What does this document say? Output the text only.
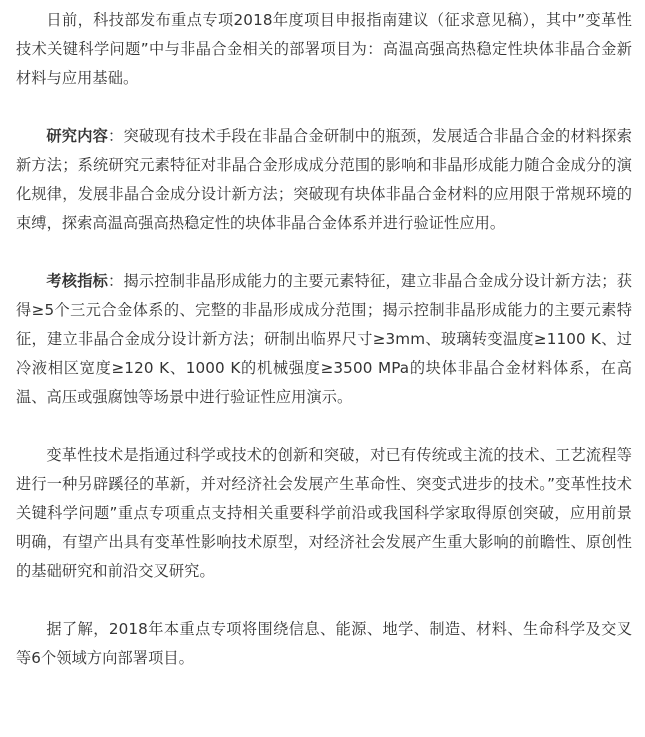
日前，科技部发布重点专项2018年度项目申报指南建议（征求意见稿），其中”变革性技术关键科学问题”中与非晶合金相关的部署项目为：高温高强高热稳定性块体非晶合金新材料与应用基础。

研究内容：突破现有技术手段在非晶合金研制中的瓶颈，发展适合非晶合金的材料探索新方法；系统研究元素特征对非晶合金形成成分范围的影响和非晶形成能力随合金成分的演化规律，发展非晶合金成分设计新方法；突破现有块体非晶合金材料的应用限于常规环境的束缚，探索高温高强高热稳定性的块体非晶合金体系并进行验证性应用。

考核指标：揭示控制非晶形成能力的主要元素特征，建立非晶合金成分设计新方法；获得≥5个三元合金体系的、完整的非晶形成成分范围；揭示控制非晶形成能力的主要元素特征，建立非晶合金成分设计新方法；研制出临界尺寸≥3mm、玻璃转变温度≥1100 K、过冷液相区宽度≥120 K、1000 K的机械强度≥3500 MPa的块体非晶合金材料体系，在高温、高压或强腐蚀等场景中进行验证性应用演示。

变革性技术是指通过科学或技术的创新和突破，对已有传统或主流的技术、工艺流程等进行一种另辟蹊径的革新，并对经济社会发展产生革命性、突变式进步的技术。”变革性技术关键科学问题”重点专项重点支持相关重要科学前沿或我国科学家取得原创突破，应用前景明确，有望产出具有变革性影响技术原型，对经济社会发展产生重大影响的前瞻性、原创性的基础研究和前沿交叉研究。

据了解，2018年本重点专项将围绕信息、能源、地学、制造、材料、生命科学及交叉等6个领域方向部署项目。
